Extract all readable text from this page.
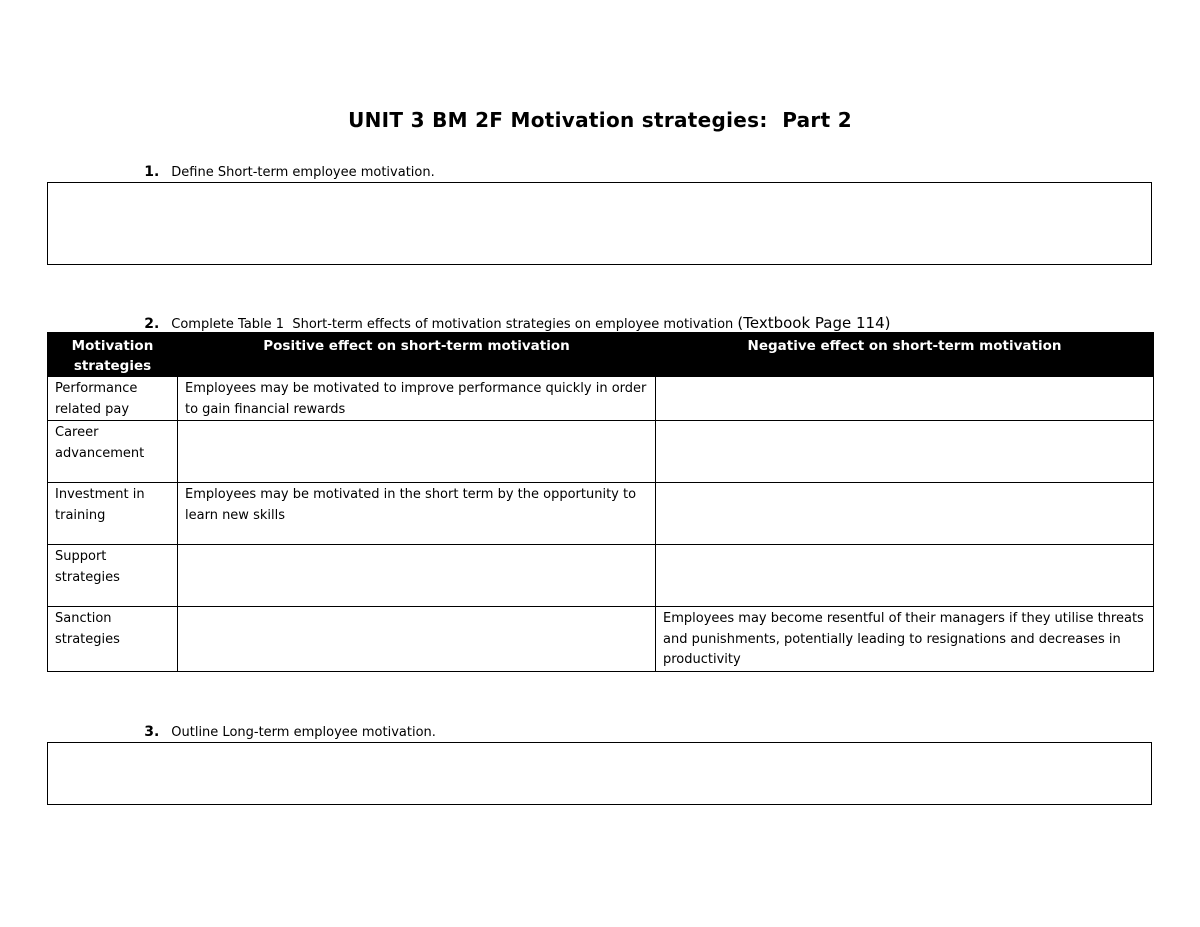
UNIT 3 BM 2F Motivation strategies:  Part 2

1. Define Short-term employee motivation.

2. Complete Table 1  Short-term effects of motivation strategies on employee motivation (Textbook Page 114)

Motivation strategies	Positive effect on short-term motivation	Negative effect on short-term motivation
Performance related pay	Employees may be motivated to improve performance quickly in order to gain financial rewards	
Career advancement		
Investment in training	Employees may be motivated in the short term by the opportunity to learn new skills	
Support strategies		
Sanction strategies		Employees may become resentful of their managers if they utilise threats and punishments, potentially leading to resignations and decreases in productivity

3. Outline Long-term employee motivation.
